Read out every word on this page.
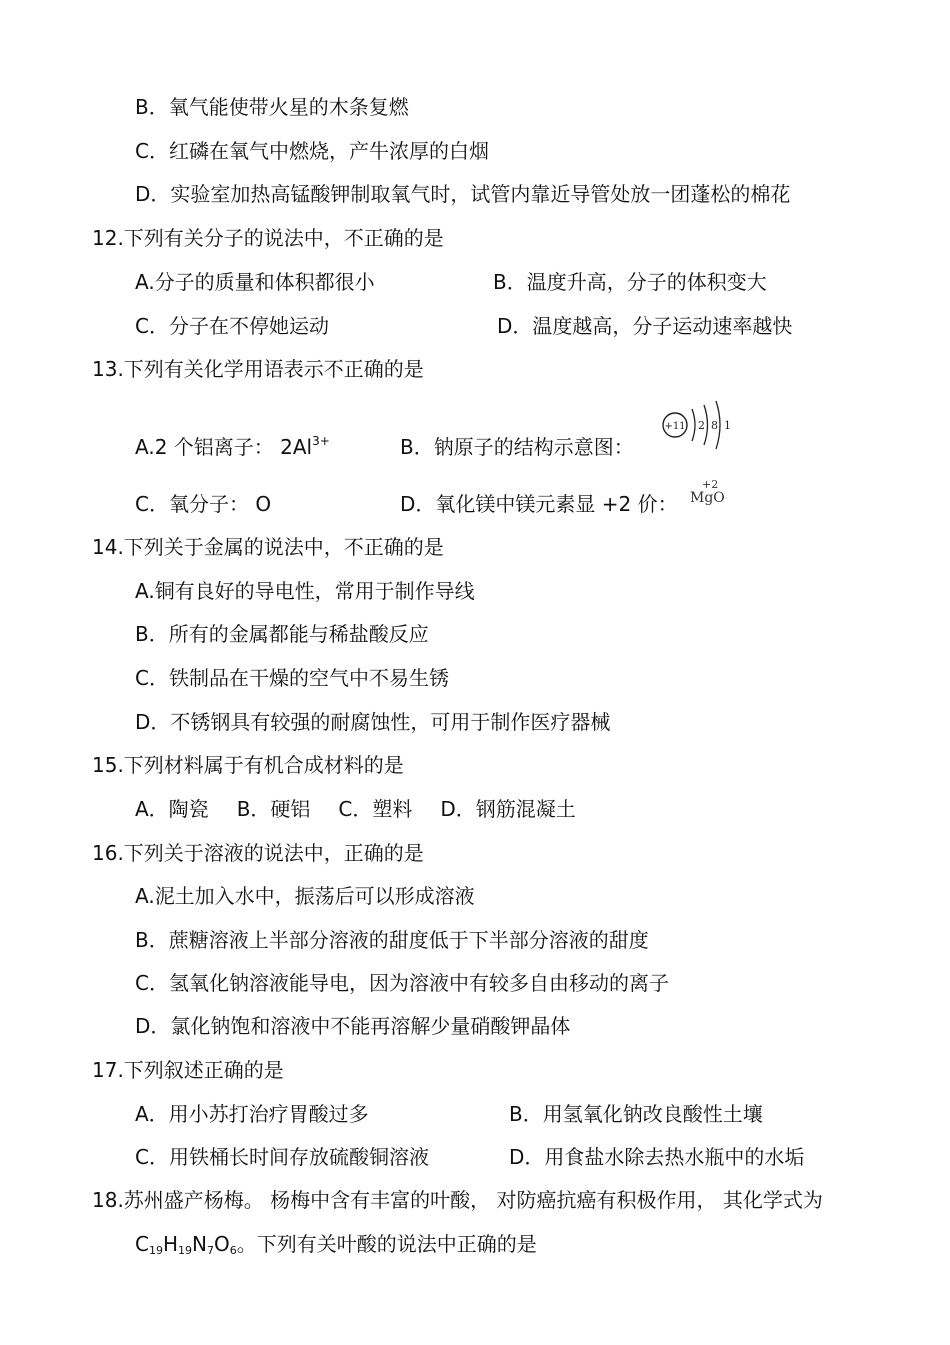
B．氧气能使带火星的木条复燃
C．红磷在氧气中燃烧，产牛浓厚的白烟
D．实验室加热高锰酸钾制取氧气时，试管内靠近导管处放一团蓬松的棉花
12.下列有关分子的说法中，不正确的是
A.分子的质量和体积都很小	B．温度升高，分子的体积变大
C．分子在不停她运动	D．温度越高，分子运动速率越快
13.下列有关化学用语表示不正确的是
A.2 个铝离子： $2Al^{3+}$	B．钠原子的结构示意图：
+11 2 8 1
C．氧分子： O	D．氧化镁中镁元素显 +2 价：
+2
MgO
14.下列关于金属的说法中，不正确的是
A.铜有良好的导电性，常用于制作导线
B．所有的金属都能与稀盐酸反应
C．铁制品在干燥的空气中不易生锈
D．不锈钢具有较强的耐腐蚀性，可用于制作医疗器械
15.下列材料属于有机合成材料的是
A．陶瓷 B．硬铝 C．塑料 D．钢筋混凝土
16.下列关于溶液的说法中，正确的是
A.泥土加入水中，振荡后可以形成溶液
B．蔗糖溶液上半部分溶液的甜度低于下半部分溶液的甜度
C．氢氧化钠溶液能导电，因为溶液中有较多自由移动的离子
D．氯化钠饱和溶液中不能再溶解少量硝酸钾晶体
17.下列叙述正确的是
A．用小苏打治疗胃酸过多	B．用氢氧化钠改良酸性土壤
C．用铁桶长时间存放硫酸铜溶液	D．用食盐水除去热水瓶中的水垢
18.苏州盛产杨梅。 杨梅中含有丰富的叶酸， 对防癌抗癌有积极作用， 其化学式为
$C_{19}H_{19}N_7O_6$。下列有关叶酸的说法中正确的是
